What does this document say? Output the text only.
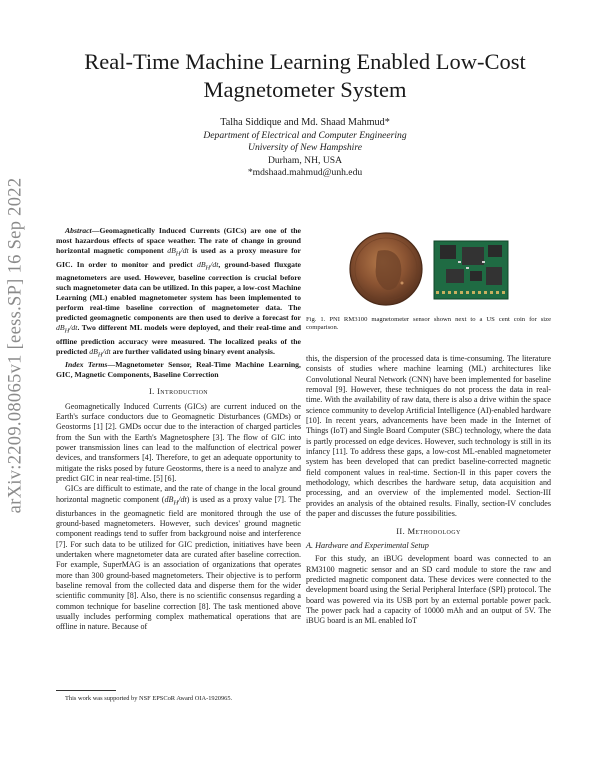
arXiv:2209.08065v1 [eess.SP] 16 Sep 2022
Real-Time Machine Learning Enabled Low-Cost Magnetometer System
Talha Siddique and Md. Shaad Mahmud*
Department of Electrical and Computer Engineering
University of New Hampshire
Durham, NH, USA
*mdshaad.mahmud@unh.edu

Abstract—Geomagnetically Induced Currents (GICs) are one of the most hazardous effects of space weather. The rate of change in ground horizontal magnetic component $dB_H/dt$ is used as a proxy measure for GIC. In order to monitor and predict $dB_H/dt$, ground-based fluxgate magnetometers are used. However, baseline correction is crucial before such magnetometer data can be utilized. In this paper, a low-cost Machine Learning (ML) enabled magnetometer system has been implemented to perform real-time baseline correction of magnetometer data. The predicted geomagnetic components are then used to derive a forecast for $dB_H/dt$. Two different ML models were deployed, and their real-time and offline prediction accuracy were measured. The localized peaks of the predicted $dB_H/dt$ are further validated using binary event analysis.

Index Terms—Magnetometer Sensor, Real-Time Machine Learning, GIC, Magnetic Components, Baseline Correction

I. Introduction

Geomagnetically Induced Currents (GICs) are current induced on the Earth's surface conductors due to Geomagnetic Disturbances (GMDs) or Geostorms [1] [2]. GMDs occur due to the interaction of charged particles from the Sun with the Earth's Magnetosphere [3]. The flow of GIC into power transmission lines can lead to the malfunction of electrical power devices, and transformers [4]. Therefore, to get an adequate opportunity to mitigate the risks posed by future Geostorms, there is a need to analyze and predict GIC in near real-time. [5] [6].

GICs are difficult to estimate, and the rate of change in the local ground horizontal magnetic component $(dB_H/dt)$ is used as a proxy value [7]. The disturbances in the geomagnetic field are monitored through the use of ground-based magnetometers. However, such devices' ground magnetic component readings tend to suffer from background noise and interference [7]. For such data to be utilized for GIC prediction, initiatives have been undertaken where magnetometer data are curated after baseline correction. For example, SuperMAG is an association of organizations that operates more than 300 ground-based magnetometers. Their objective is to perform baseline removal from the collected data and disperse them for the wider scientific community [8]. Also, there is no scientific consensus regarding a common technique for baseline correction [8]. The task mentioned above usually includes performing complex mathematical operations that are offline in nature. Because of

This work was supported by NSF EPSCoR Award OIA-1920965.
Fig. 1. PNI RM3100 magnetometer sensor shown next to a US cent coin for size comparison.

this, the dispersion of the processed data is time-consuming. The literature consists of studies where machine learning (ML) architectures like Convolutional Neural Network (CNN) have been implemented for baseline removal [9]. However, these techniques do not process the data in real-time. With the availability of raw data, there is also a drive within the space science community to develop Artificial Intelligence (AI)-enabled hardware [10]. In recent years, advancements have been made in the Internet of Things (IoT) and Single Board Computer (SBC) technology, where the data is partly processed on edge devices. However, such technology is still in its infancy [11]. To address these gaps, a low-cost ML-enabled magnetometer system has been developed that can predict baseline-corrected magnetic field component values in real-time. Section-II in this paper covers the methodology, which describes the hardware setup, data acquisition and processing, and an overview of the implemented model. Section-III provides an analysis of the obtained results. Finally, section-IV concludes the paper and discusses the future possibilities.

II. Methodology
A. Hardware and Experimental Setup

For this study, an iBUG development board was connected to an RM3100 magnetic sensor and an SD card module to store the raw and predicted magnetic component data. These devices were connected to the development board using the Serial Peripheral Interface (SPI) protocol. The board was powered via its USB port by an external portable power pack. The power pack had a capacity of 10000 mAh and an output of 5V. The iBUG board is an ML enabled IoT
